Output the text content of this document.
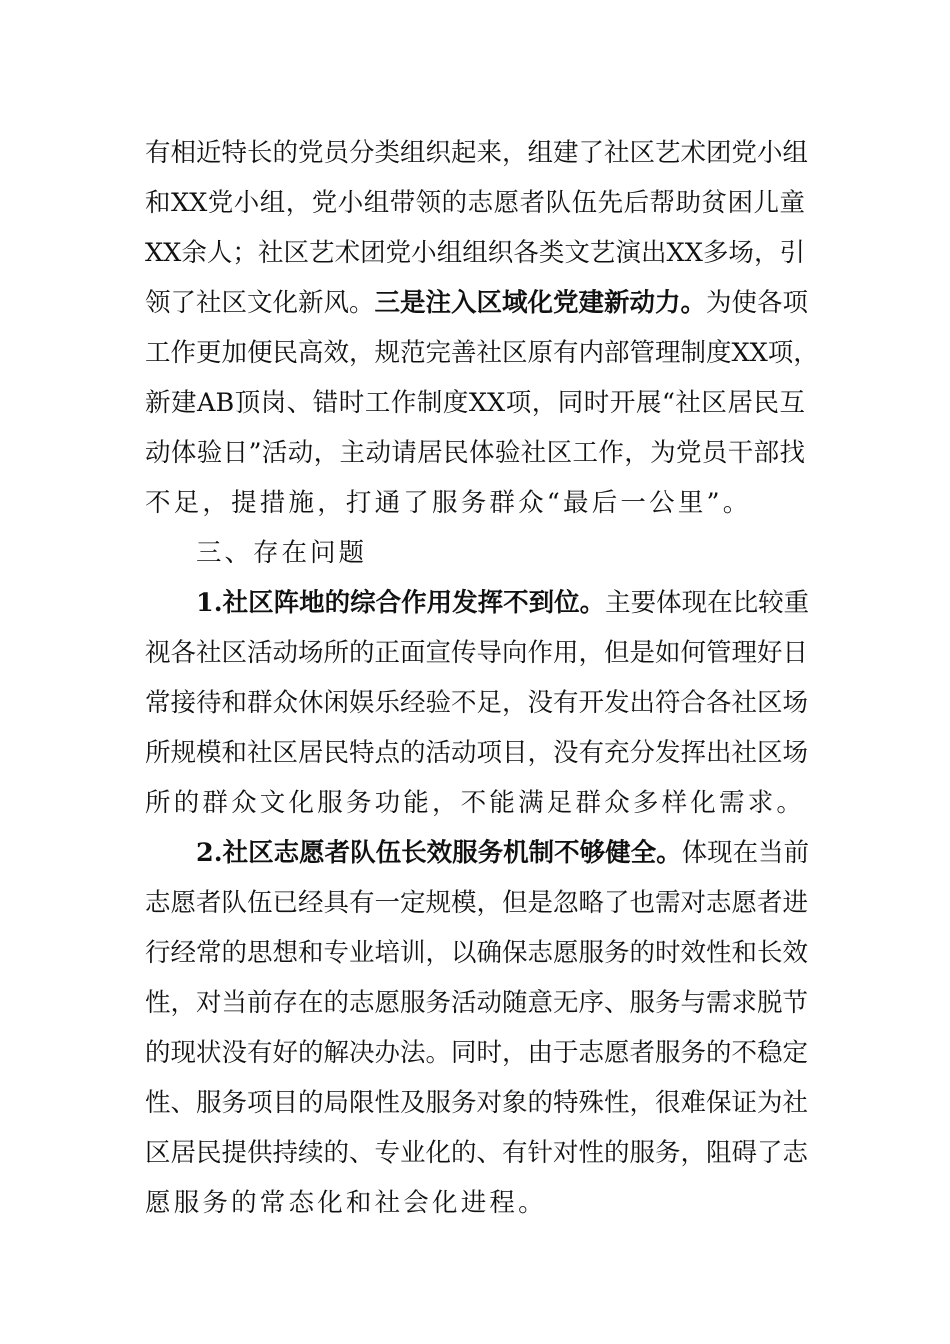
有相近特长的党员分类组织起来，组建了社区艺术团党小组
和XX党小组，党小组带领的志愿者队伍先后帮助贫困儿童
XX余人；社区艺术团党小组组织各类文艺演出XX多场，引
领了社区文化新风。三是注入区域化党建新动力。为使各项
工作更加便民高效，规范完善社区原有内部管理制度XX项，
新建AB顶岗、错时工作制度XX项，同时开展“社区居民互
动体验日”活动，主动请居民体验社区工作，为党员干部找
不足，提措施，打通了服务群众“最后一公里”。
三、存在问题
1.社区阵地的综合作用发挥不到位。主要体现在比较重
视各社区活动场所的正面宣传导向作用，但是如何管理好日
常接待和群众休闲娱乐经验不足，没有开发出符合各社区场
所规模和社区居民特点的活动项目，没有充分发挥出社区场
所的群众文化服务功能，不能满足群众多样化需求。
2.社区志愿者队伍长效服务机制不够健全。体现在当前
志愿者队伍已经具有一定规模，但是忽略了也需对志愿者进
行经常的思想和专业培训，以确保志愿服务的时效性和长效
性，对当前存在的志愿服务活动随意无序、服务与需求脱节
的现状没有好的解决办法。同时，由于志愿者服务的不稳定
性、服务项目的局限性及服务对象的特殊性，很难保证为社
区居民提供持续的、专业化的、有针对性的服务，阻碍了志
愿服务的常态化和社会化进程。
